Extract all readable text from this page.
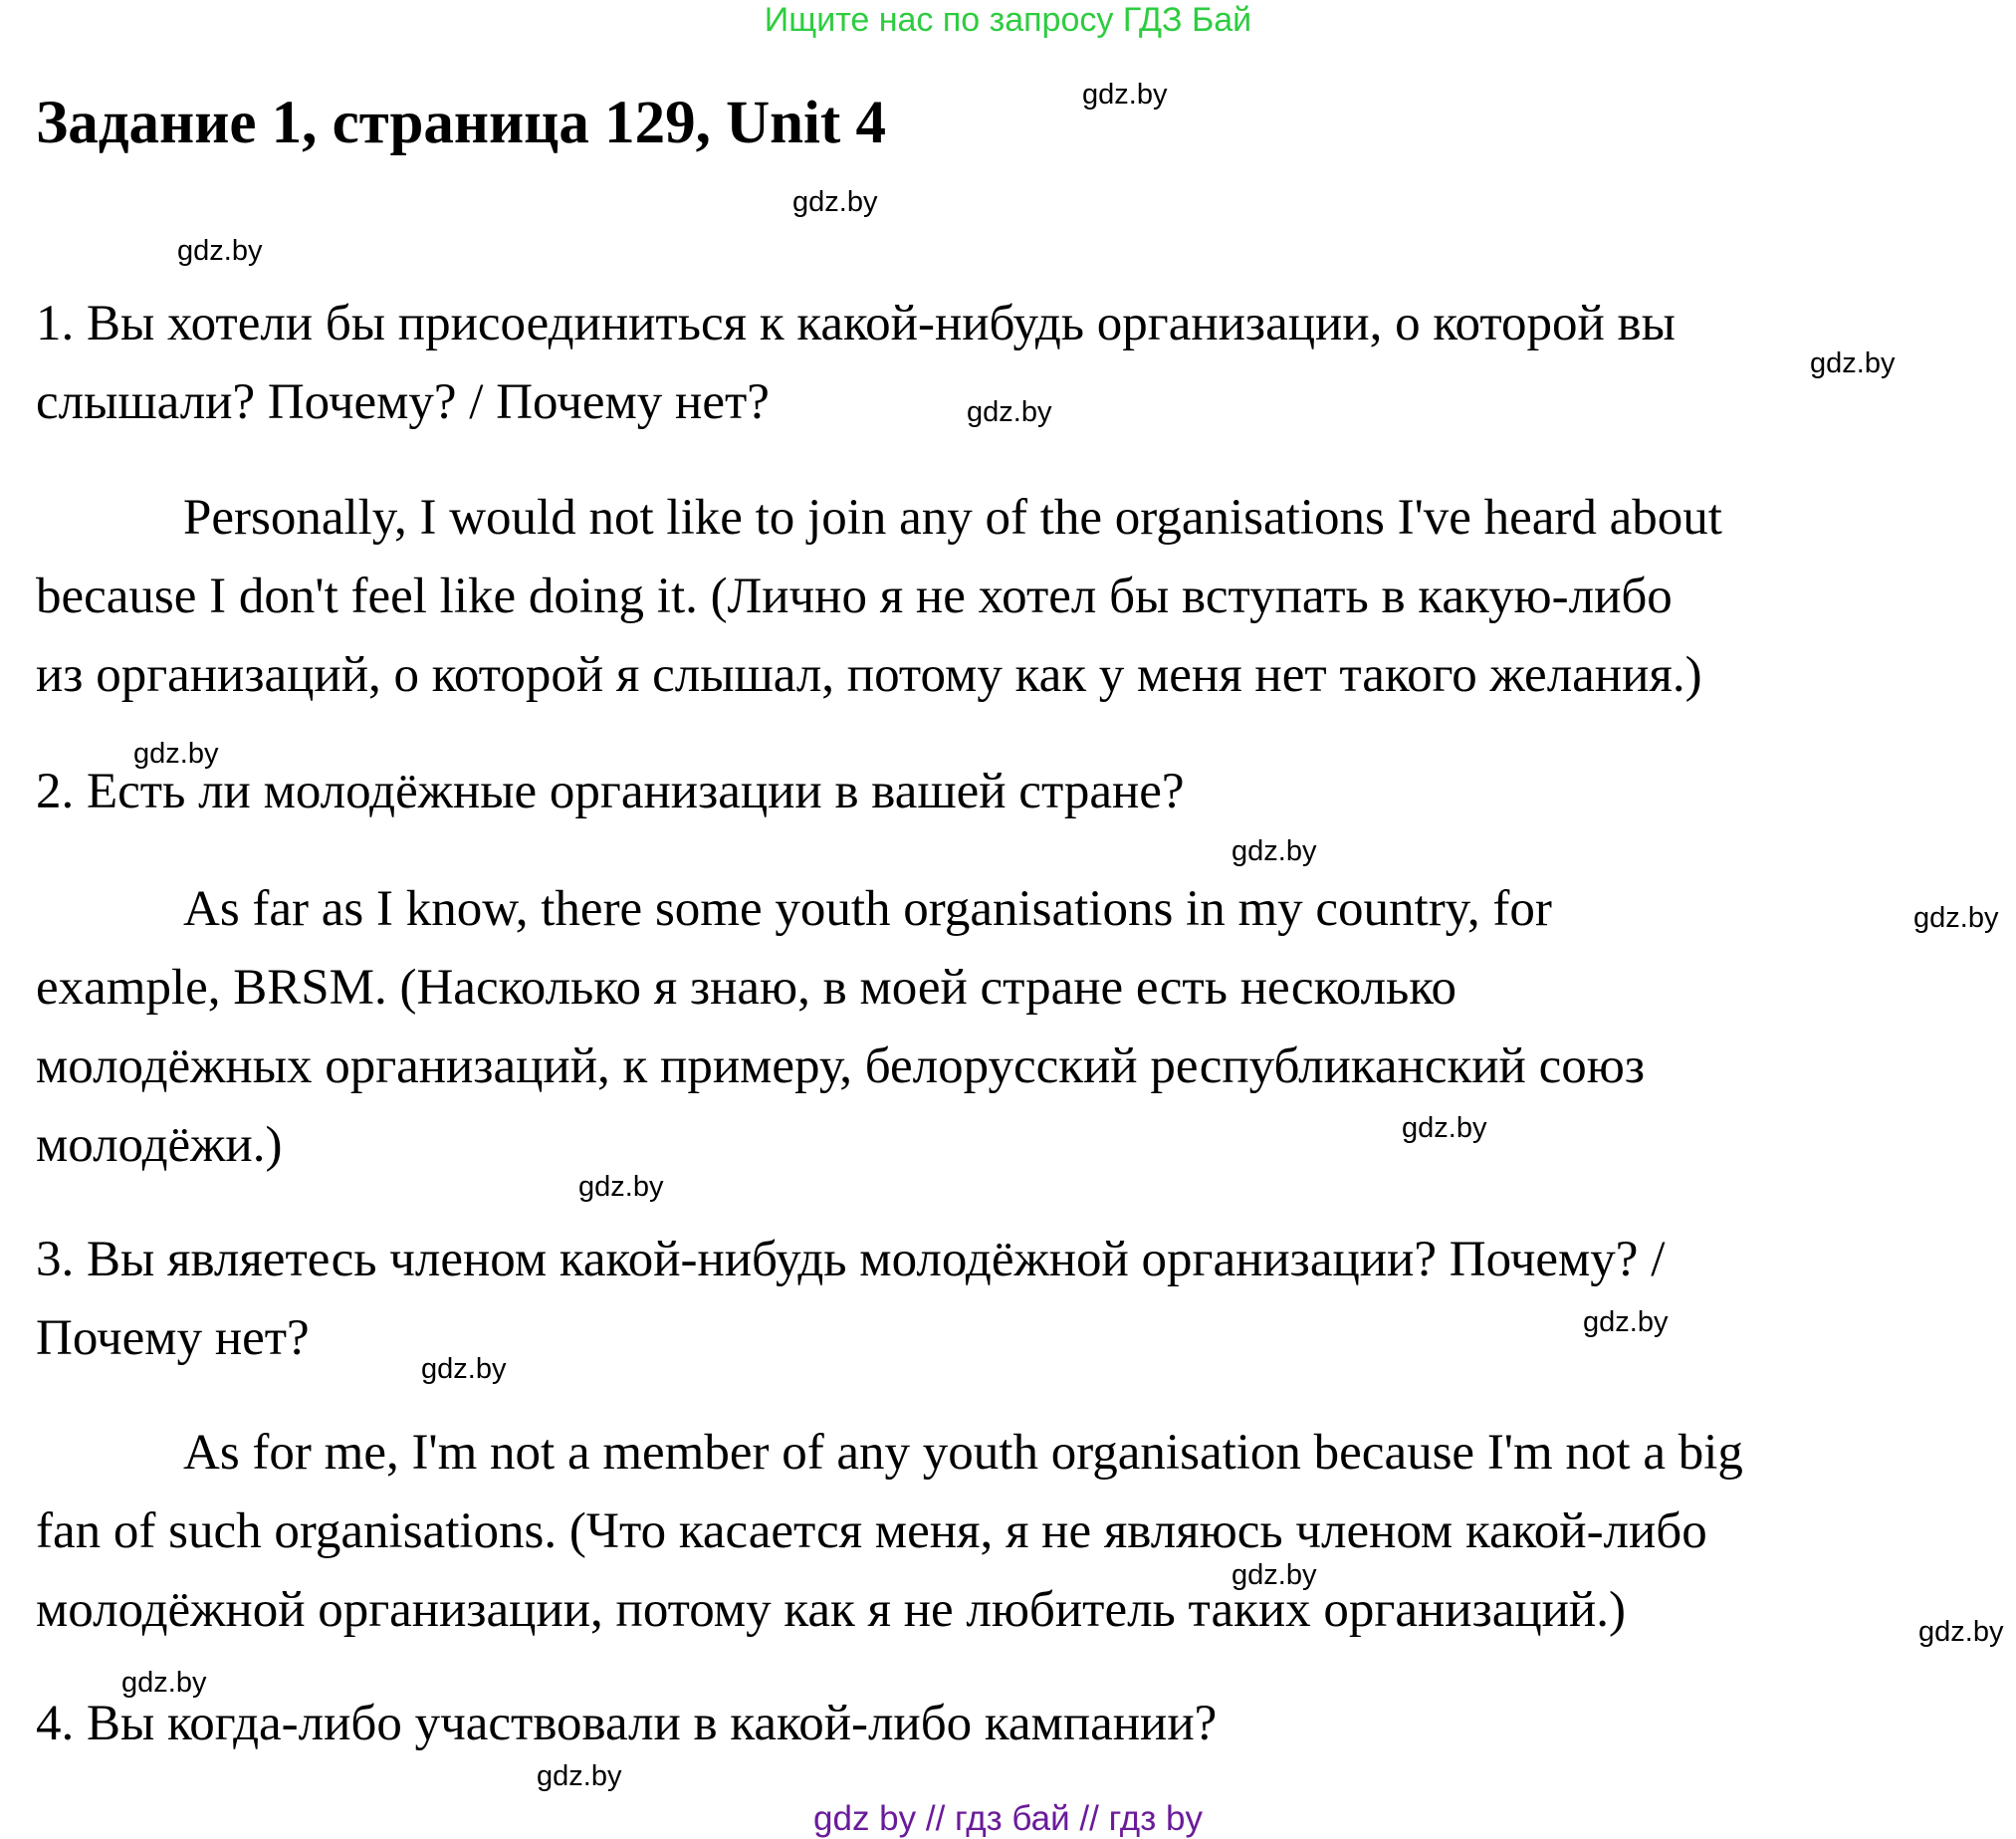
Ищите нас по запросу ГДЗ Бай
Задание 1, страница 129, Unit 4
1. Вы хотели бы присоединиться к какой-нибудь организации, о которой вы
слышали? Почему? / Почему нет?
Personally, I would not like to join any of the organisations I've heard about
because I don't feel like doing it. (Лично я не хотел бы вступать в какую-либо
из организаций, о которой я слышал, потому как у меня нет такого желания.)
2. Есть ли молодёжные организации в вашей стране?
As far as I know, there some youth organisations in my country, for
example, BRSM. (Насколько я знаю, в моей стране есть несколько
молодёжных организаций, к примеру, белорусский республиканский союз
молодёжи.)
3. Вы являетесь членом какой-нибудь молодёжной организации? Почему? /
Почему нет?
As for me, I'm not a member of any youth organisation because I'm not a big
fan of such organisations. (Что касается меня, я не являюсь членом какой-либо
молодёжной организации, потому как я не любитель таких организаций.)
4. Вы когда-либо участвовали в какой-либо кампании?
gdz.by
gdz.by
gdz.by
gdz.by
gdz.by
gdz.by
gdz.by
gdz.by
gdz.by
gdz.by
gdz.by
gdz.by
gdz.by
gdz.by
gdz.by
gdz.by
gdz by // гдз бай // гдз by
